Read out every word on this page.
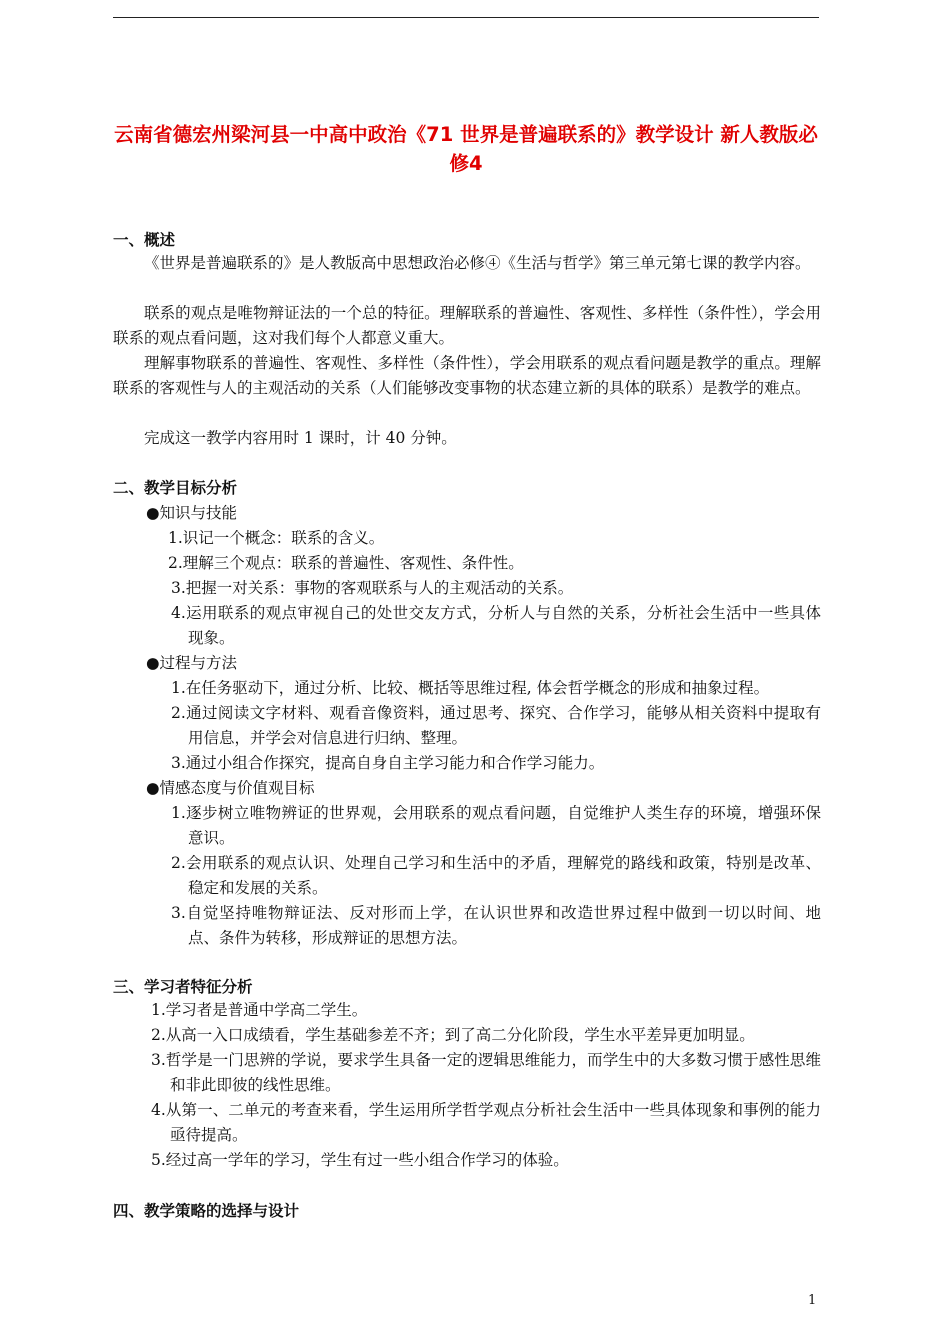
云南省德宏州梁河县一中高中政治《71 世界是普遍联系的》教学设计 新人教版必修4
一、概述
《世界是普遍联系的》是人教版高中思想政治必修④《生活与哲学》第三单元第七课的教学内容。
联系的观点是唯物辩证法的一个总的特征。理解联系的普遍性、客观性、多样性（条件性），学会用联系的观点看问题，这对我们每个人都意义重大。
理解事物联系的普遍性、客观性、多样性（条件性），学会用联系的观点看问题是教学的重点。理解联系的客观性与人的主观活动的关系（人们能够改变事物的状态建立新的具体的联系）是教学的难点。
完成这一教学内容用时 1 课时，计 40 分钟。
二、教学目标分析
●知识与技能
1.识记一个概念：联系的含义。
2.理解三个观点：联系的普遍性、客观性、条件性。
3.把握一对关系：事物的客观联系与人的主观活动的关系。
4.运用联系的观点审视自己的处世交友方式，分析人与自然的关系，分析社会生活中一些具体现象。
●过程与方法
1.在任务驱动下，通过分析、比较、概括等思维过程, 体会哲学概念的形成和抽象过程。
2.通过阅读文字材料、观看音像资料，通过思考、探究、合作学习，能够从相关资料中提取有用信息，并学会对信息进行归纳、整理。
3.通过小组合作探究，提高自身自主学习能力和合作学习能力。
●情感态度与价值观目标
1.逐步树立唯物辨证的世界观，会用联系的观点看问题，自觉维护人类生存的环境，增强环保意识。
2.会用联系的观点认识、处理自己学习和生活中的矛盾，理解党的路线和政策，特别是改革、稳定和发展的关系。
3.自觉坚持唯物辩证法、反对形而上学，在认识世界和改造世界过程中做到一切以时间、地点、条件为转移，形成辩证的思想方法。
三、学习者特征分析
1.学习者是普通中学高二学生。
2.从高一入口成绩看，学生基础参差不齐；到了高二分化阶段，学生水平差异更加明显。
3.哲学是一门思辨的学说，要求学生具备一定的逻辑思维能力，而学生中的大多数习惯于感性思维和非此即彼的线性思维。
4.从第一、二单元的考查来看，学生运用所学哲学观点分析社会生活中一些具体现象和事例的能力亟待提高。
5.经过高一学年的学习，学生有过一些小组合作学习的体验。
四、教学策略的选择与设计
1
